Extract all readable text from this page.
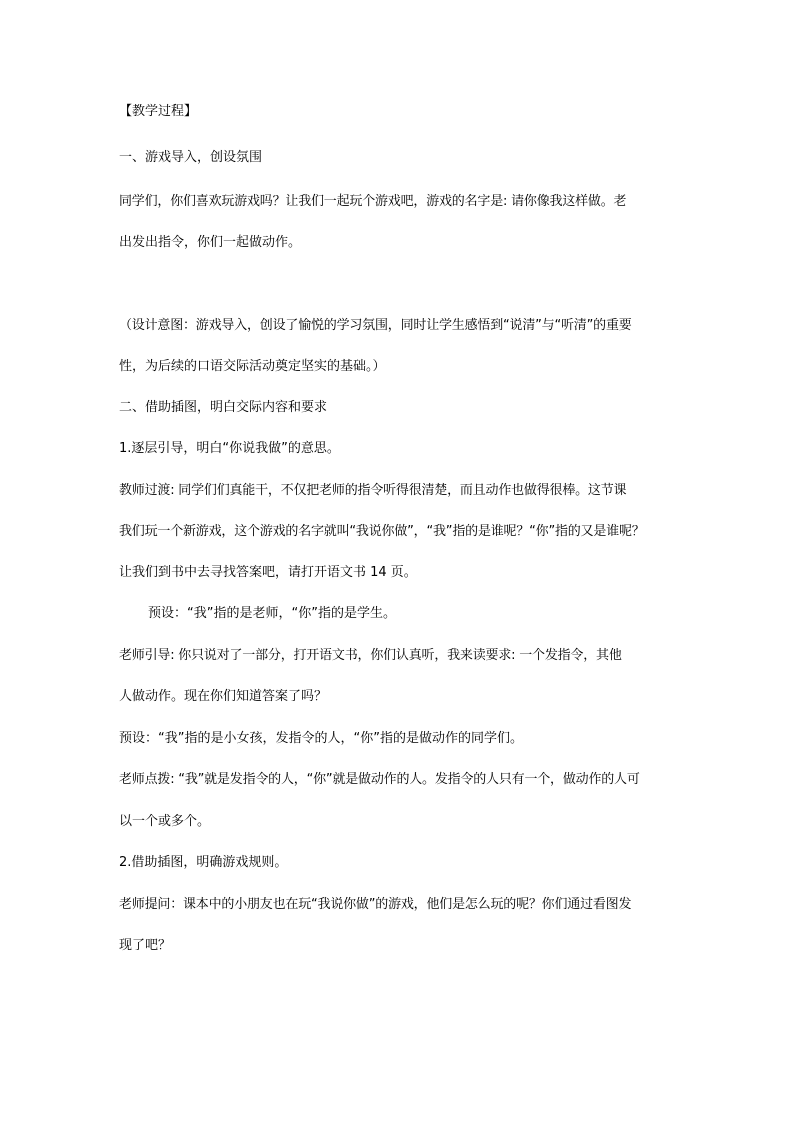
【教学过程】
一、游戏导入，创设氛围
同学们，你们喜欢玩游戏吗？让我们一起玩个游戏吧，游戏的名字是: 请你像我这样做。老
出发出指令，你们一起做动作。
（设计意图：游戏导入，创设了愉悦的学习氛围，同时让学生感悟到“说清”与“听清”的重要
性，为后续的口语交际活动奠定坚实的基础。）
二、借助插图，明白交际内容和要求
1.逐层引导，明白“你说我做”的意思。
教师过渡: 同学们们真能干，不仅把老师的指令听得很清楚，而且动作也做得很棒。这节课
我们玩一个新游戏，这个游戏的名字就叫“我说你做”，“我”指的是谁呢？“你”指的又是谁呢？
让我们到书中去寻找答案吧，请打开语文书 14 页。
预设：“我”指的是老师，“你”指的是学生。
老师引导: 你只说对了一部分，打开语文书，你们认真听，我来读要求: 一个发指令，其他
人做动作。现在你们知道答案了吗？
预设：“我”指的是小女孩，发指令的人，“你”指的是做动作的同学们。
老师点拨: “我”就是发指令的人，“你”就是做动作的人。发指令的人只有一个，做动作的人可
以一个或多个。
2.借助插图，明确游戏规则。
老师提问：课本中的小朋友也在玩“我说你做”的游戏，他们是怎么玩的呢？你们通过看图发
现了吧？
